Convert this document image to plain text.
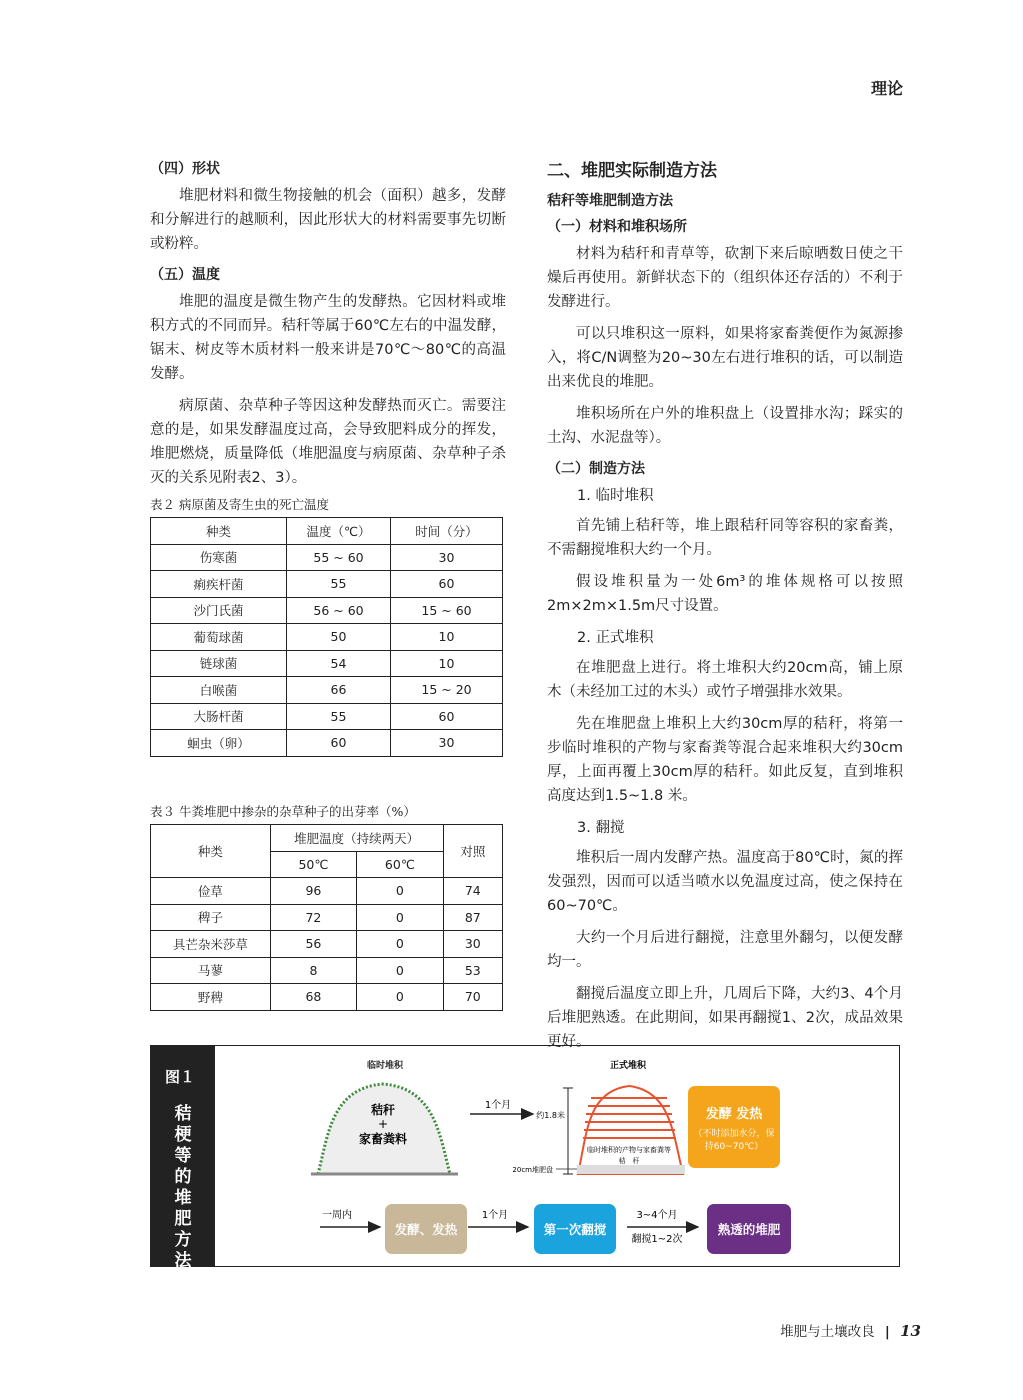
理论
（四）形状
堆肥材料和微生物接触的机会（面积）越多，发酵和分解进行的越顺利，因此形状大的材料需要事先切断或粉粹。
（五）温度
堆肥的温度是微生物产生的发酵热。它因材料或堆积方式的不同而异。秸秆等属于60℃左右的中温发酵，锯末、树皮等木质材料一般来讲是70℃～80℃的高温发酵。
病原菌、杂草种子等因这种发酵热而灭亡。需要注意的是，如果发酵温度过高，会导致肥料成分的挥发，堆肥燃烧，质量降低（堆肥温度与病原菌、杂草种子杀灭的关系见附表2、3）。
表２ 病原菌及寄生虫的死亡温度
种类	温度（℃）	时间（分）
伤寒菌	55 ~ 60	30
痢疾杆菌	55	60
沙门氏菌	56 ~ 60	15 ~ 60
葡萄球菌	50	10
链球菌	54	10
白喉菌	66	15 ~ 20
大肠杆菌	55	60
蛔虫（卵）	60	30
表３ 牛粪堆肥中掺杂的杂草种子的出芽率（%）
种类	堆肥温度（持续两天）		对照
	50℃	60℃	
俭草	96	0	74
稗子	72	0	87
具芒杂米莎草	56	0	30
马蓼	8	0	53
野稗	68	0	70
二、堆肥实际制造方法
秸秆等堆肥制造方法
（一）材料和堆积场所
材料为秸秆和青草等，砍割下来后晾晒数日使之干燥后再使用。新鲜状态下的（组织体还存活的）不利于发酵进行。
可以只堆积这一原料，如果将家畜粪便作为氮源掺入，将C/N调整为20~30左右进行堆积的话，可以制造出来优良的堆肥。
堆积场所在户外的堆积盘上（设置排水沟；踩实的土沟、水泥盘等）。
（二）制造方法
1. 临时堆积
首先铺上秸秆等，堆上跟秸秆同等容积的家畜粪，不需翻搅堆积大约一个月。
假设堆积量为一处6m³的堆体规格可以按照2m×2m×1.5m尺寸设置。
2. 正式堆积
在堆肥盘上进行。将土堆积大约20cm高，铺上原木（未经加工过的木头）或竹子增强排水效果。
先在堆肥盘上堆积上大约30cm厚的秸秆，将第一步临时堆积的产物与家畜粪等混合起来堆积大约30cm厚，上面再覆上30cm厚的秸秆。如此反复，直到堆积高度达到1.5~1.8 米。
3. 翻搅
堆积后一周内发酵产热。温度高于80℃时，氮的挥发强烈，因而可以适当喷水以免温度过高，使之保持在60~70℃。
大约一个月后进行翻搅，注意里外翻匀，以便发酵均一。
翻搅后温度立即上升，几周后下降，大约3、4个月后堆肥熟透。在此期间，如果再翻搅1、2次，成品效果更好。
图１
秸梗等的堆肥方法
临时堆积
秸秆
+
家畜粪料
1个月
正式堆积
约1.8米
临时堆积的产物与家畜粪等
秸　秆
20cm堆肥盘
发酵 发热
（不时添加水分，保持60~70℃）
一周内	1个月	3~4个月
翻搅1~2次
发酵、发热	第一次翻搅	熟透的堆肥
堆肥与土壤改良 | 13
